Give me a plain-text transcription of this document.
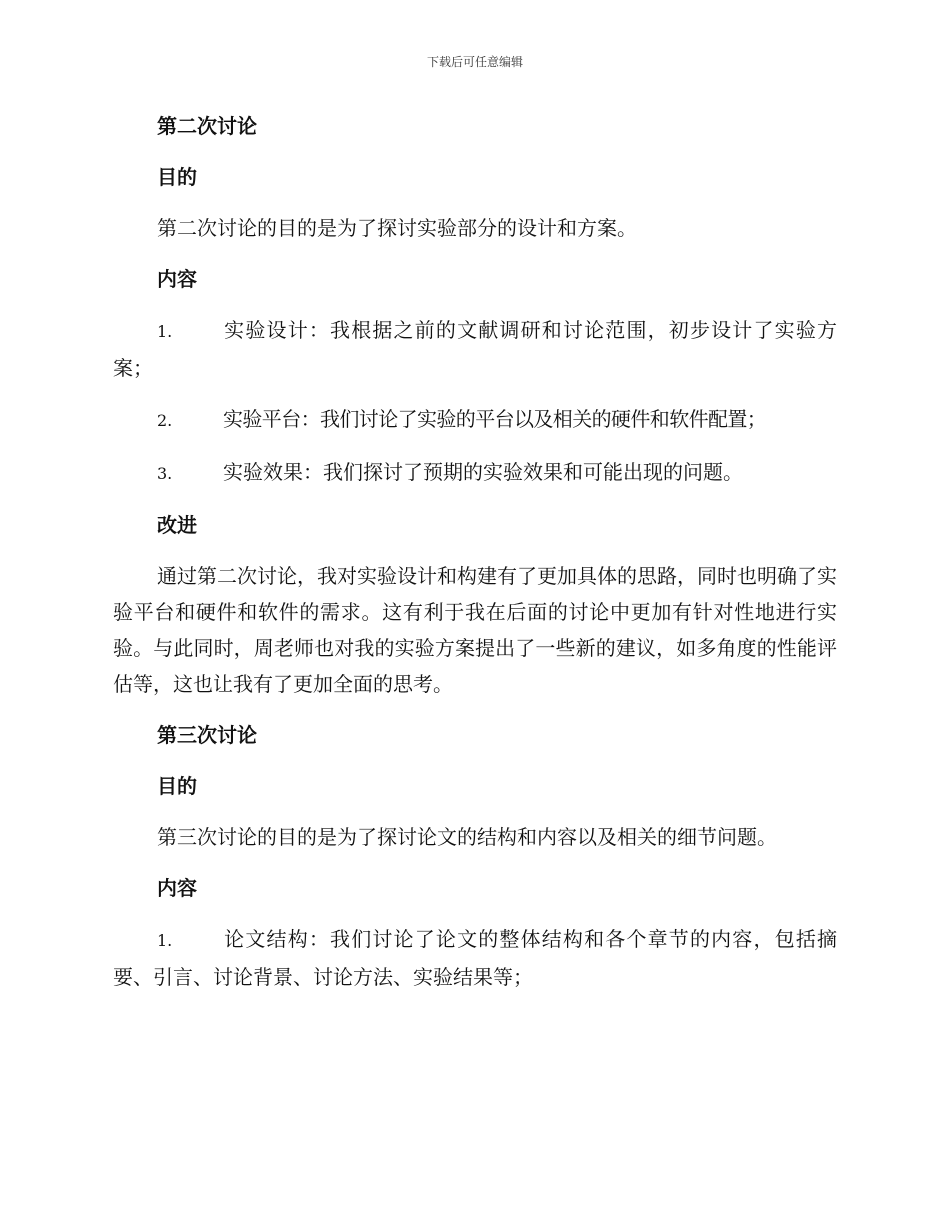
下载后可任意编辑
第二次讨论
目的
第二次讨论的目的是为了探讨实验部分的设计和方案。
内容
1.	实验设计：我根据之前的文献调研和讨论范围，初步设计了实验方案；
2.	实验平台：我们讨论了实验的平台以及相关的硬件和软件配置；
3.	实验效果：我们探讨了预期的实验效果和可能出现的问题。
改进
通过第二次讨论，我对实验设计和构建有了更加具体的思路，同时也明确了实验平台和硬件和软件的需求。这有利于我在后面的讨论中更加有针对性地进行实验。与此同时，周老师也对我的实验方案提出了一些新的建议，如多角度的性能评估等，这也让我有了更加全面的思考。
第三次讨论
目的
第三次讨论的目的是为了探讨论文的结构和内容以及相关的细节问题。
内容
1.	论文结构：我们讨论了论文的整体结构和各个章节的内容，包括摘要、引言、讨论背景、讨论方法、实验结果等；
